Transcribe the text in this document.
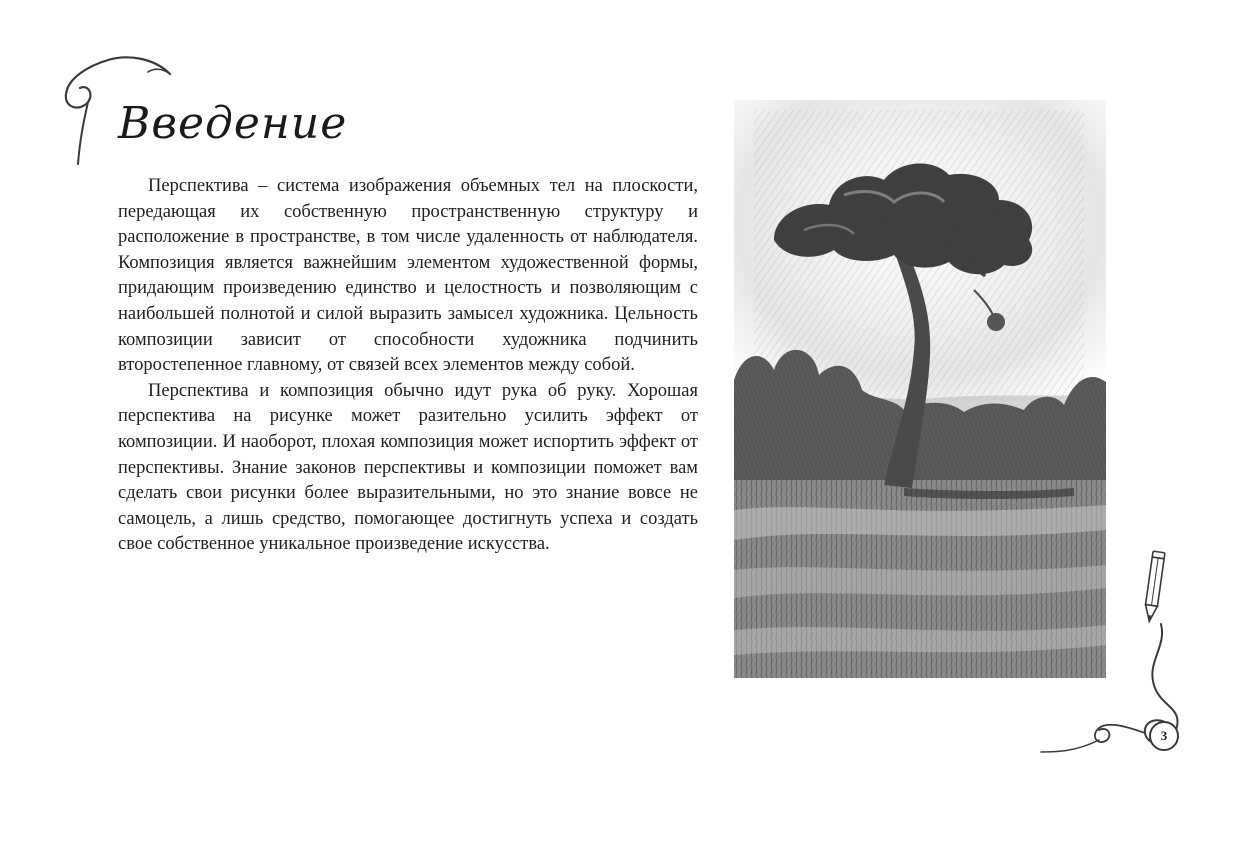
Введение

Перспектива – система изображения объемных тел на плоскости, передающая их собственную пространственную структуру и расположение в пространстве, в том числе удаленность от наблюдателя. Композиция является важнейшим элементом художественной формы, придающим произведению единство и целостность и позволяющим с наибольшей полнотой и силой выразить замысел художника. Цельность композиции зависит от способности художника подчинить второстепенное главному, от связей всех элементов между собой.

Перспектива и композиция обычно идут рука об руку. Хорошая перспектива на рисунке может разительно усилить эффект от композиции. И наоборот, плохая композиция может испортить эффект от перспективы. Знание законов перспективы и композиции поможет вам сделать свои рисунки более выразительными, но это знание вовсе не самоцель, а лишь средство, помогающее достигнуть успеха и создать свое собственное уникальное произведение искусства.

3
